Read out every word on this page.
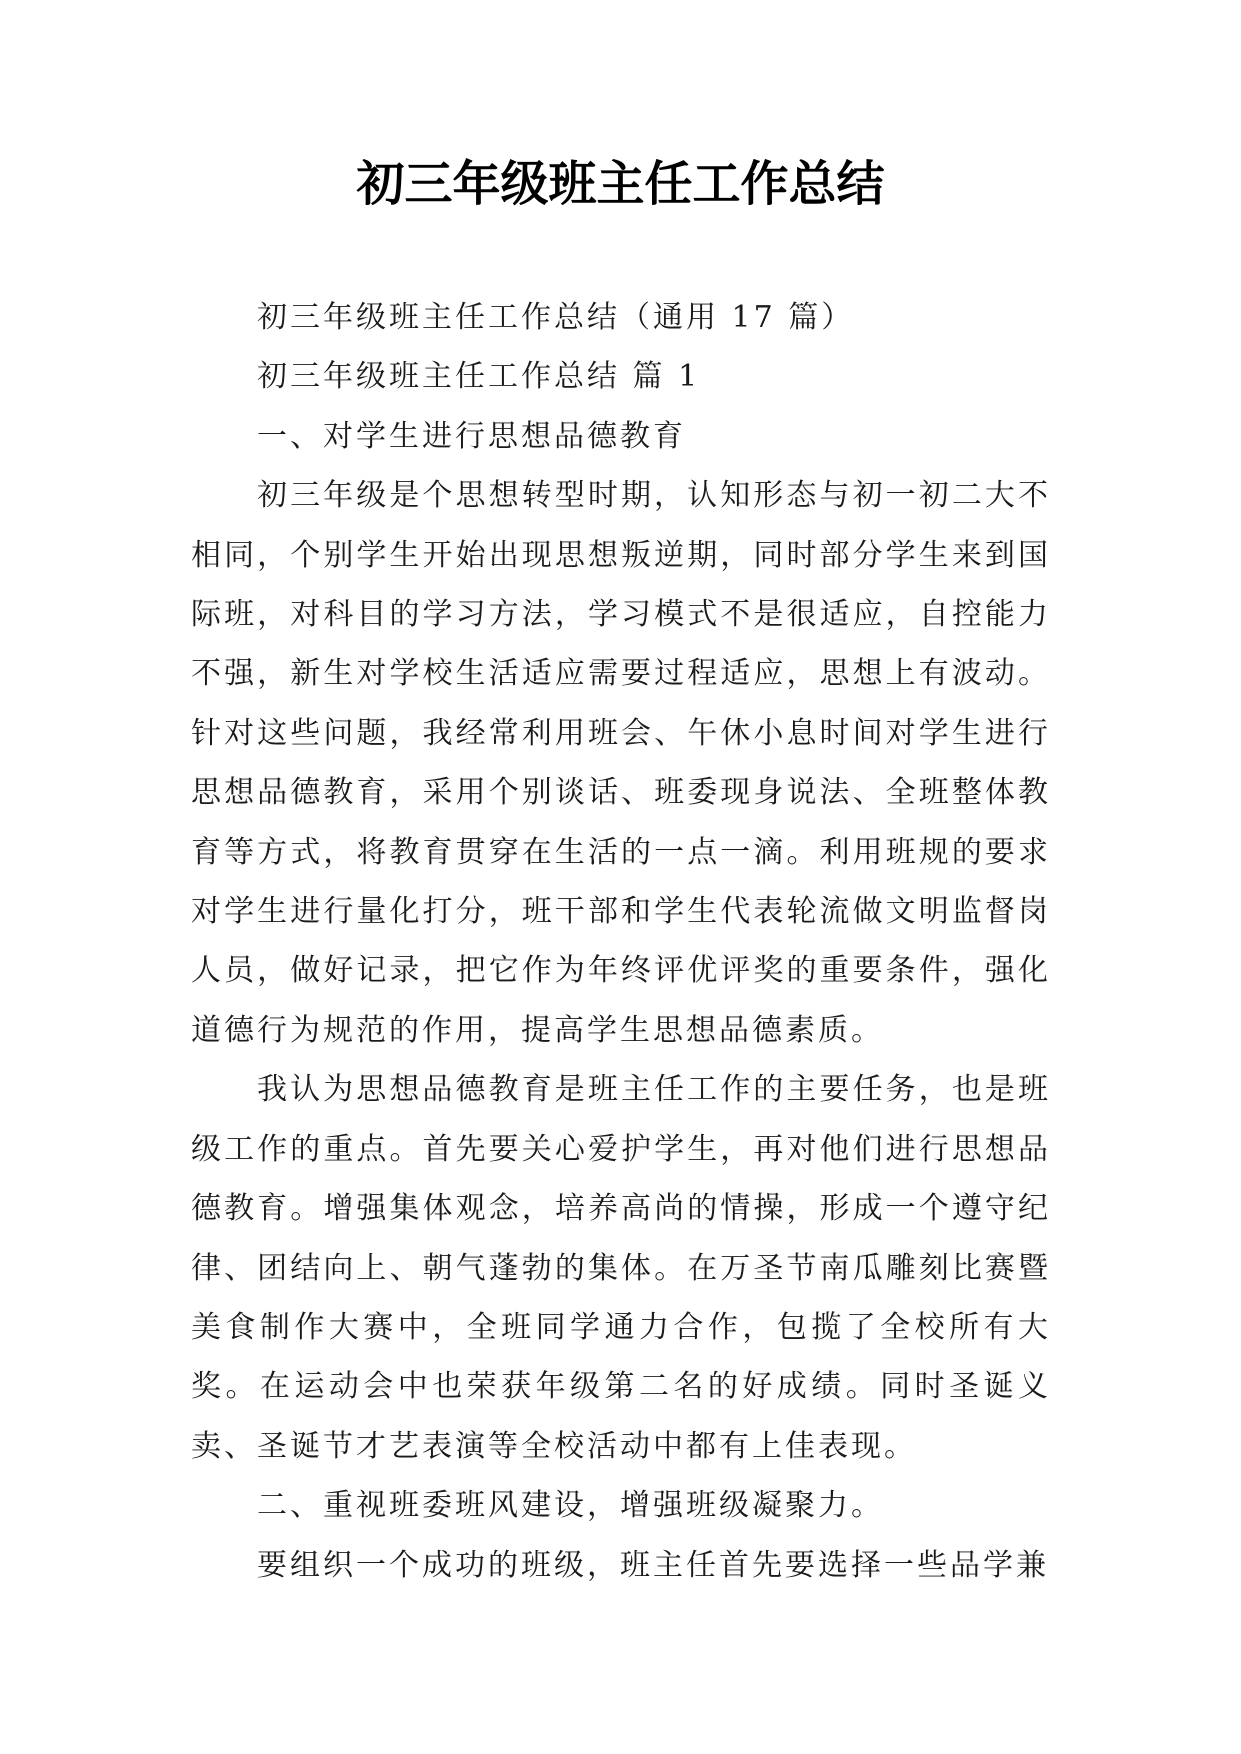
初三年级班主任工作总结

初三年级班主任工作总结（通用 17 篇）

初三年级班主任工作总结 篇 1

一、对学生进行思想品德教育

初三年级是个思想转型时期，认知形态与初一初二大不相同，个别学生开始出现思想叛逆期，同时部分学生来到国际班，对科目的学习方法，学习模式不是很适应，自控能力不强，新生对学校生活适应需要过程适应，思想上有波动。针对这些问题，我经常利用班会、午休小息时间对学生进行思想品德教育，采用个别谈话、班委现身说法、全班整体教育等方式，将教育贯穿在生活的一点一滴。利用班规的要求对学生进行量化打分，班干部和学生代表轮流做文明监督岗人员，做好记录，把它作为年终评优评奖的重要条件，强化道德行为规范的作用，提高学生思想品德素质。

我认为思想品德教育是班主任工作的主要任务，也是班级工作的重点。首先要关心爱护学生，再对他们进行思想品德教育。增强集体观念，培养高尚的情操，形成一个遵守纪律、团结向上、朝气蓬勃的集体。在万圣节南瓜雕刻比赛暨美食制作大赛中，全班同学通力合作，包揽了全校所有大奖。在运动会中也荣获年级第二名的好成绩。同时圣诞义卖、圣诞节才艺表演等全校活动中都有上佳表现。

二、重视班委班风建设，增强班级凝聚力。

要组织一个成功的班级，班主任首先要选择一些品学兼
